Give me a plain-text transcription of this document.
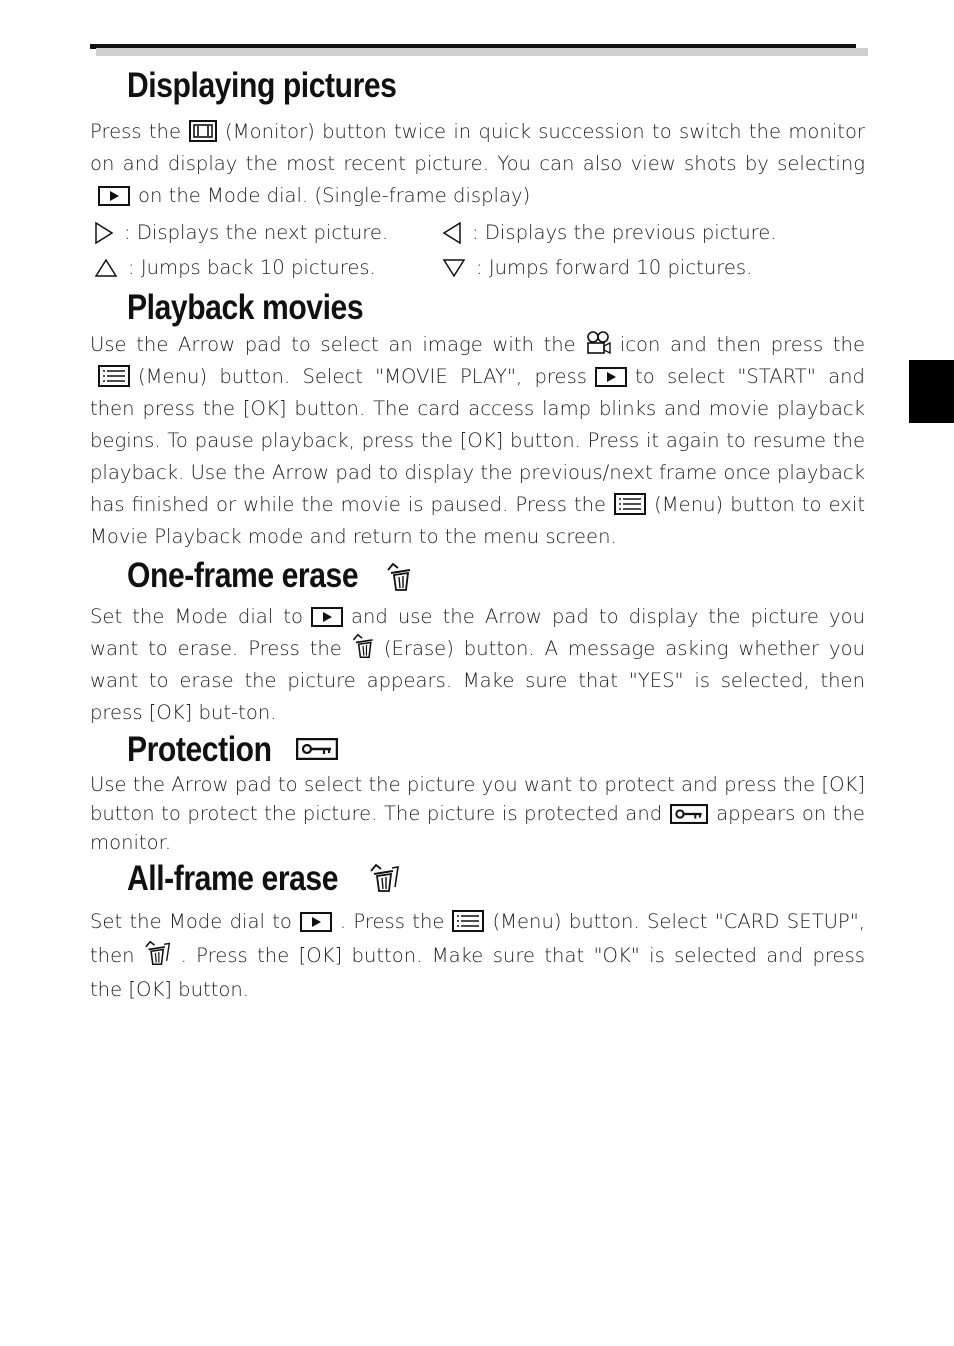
Displaying pictures

Press the (Monitor) button twice in quick succession to switch the monitor on and display the most recent picture. You can also view shots by selecting
on the Mode dial. (Single-frame display)

: Displays the next picture.	: Displays the previous picture.
: Jumps back 10 pictures.	: Jumps forward 10 pictures.
Playback movies

Use the Arrow pad to select an image with the icon and then press the
(Menu) button. Select "MOVIE PLAY", press to select "START" and then press the [OK] button. The card access lamp blinks and movie playback begins. To pause playback, press the [OK] button. Press it again to resume the playback. Use the Arrow pad to display the previous/next frame once playback has finished or while the movie is paused. Press the (Menu) button to exit Movie Playback mode and return to the menu screen.

One-frame erase

Set the Mode dial to and use the Arrow pad to display the picture you want to erase. Press the (Erase) button. A message asking whether you want to erase the picture appears. Make sure that "YES" is selected, then press [OK] but-ton.

Protection

Use the Arrow pad to select the picture you want to protect and press the [OK] button to protect the picture. The picture is protected and	appears on the monitor.

All-frame erase

Set the Mode dial to . Press the (Menu) button. Select "CARD SETUP", then . Press the [OK] button. Make sure that "OK" is selected and press the [OK] button.
